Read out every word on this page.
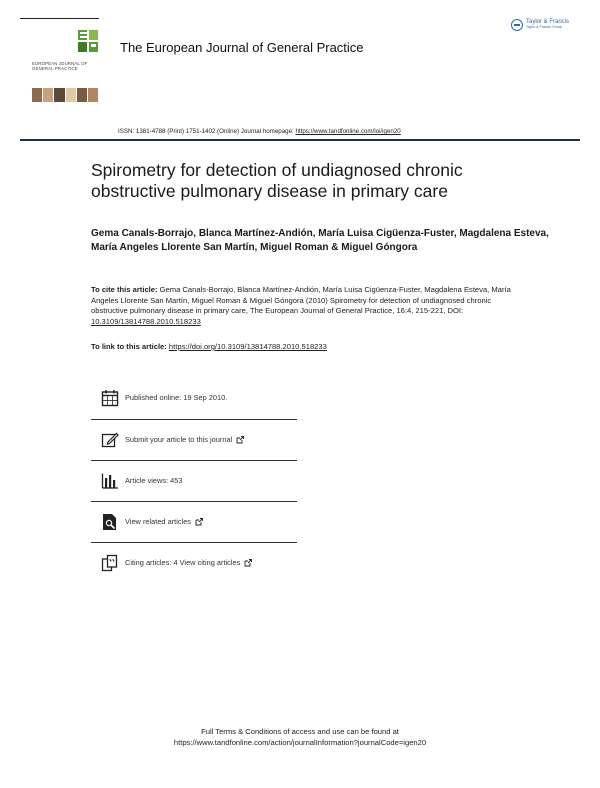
EUROPEAN JOURNAL OF GENERAL PRACTICE
The European Journal of General Practice
Taylor & Francis
Taylor & Francis Group
ISSN: 1381-4788 (Print) 1751-1402 (Online) Journal homepage: https://www.tandfonline.com/loi/igen20
Spirometry for detection of undiagnosed chronic obstructive pulmonary disease in primary care
Gema Canals-Borrajo, Blanca Martínez-Andión, María Luisa Cigüenza-Fuster, Magdalena Esteva, María Angeles Llorente San Martín, Miguel Roman & Miguel Góngora
To cite this article: Gema Canals-Borrajo, Blanca Martínez-Andión, María Luisa Cigüenza-Fuster, Magdalena Esteva, María Angeles Llorente San Martín, Miguel Roman & Miguel Góngora (2010) Spirometry for detection of undiagnosed chronic obstructive pulmonary disease in primary care, The European Journal of General Practice, 16:4, 215-221, DOI: 10.3109/13814788.2010.518233
To link to this article: https://doi.org/10.3109/13814788.2010.518233
Published online: 19 Sep 2010.
Submit your article to this journal
Article views: 453
View related articles
Citing articles: 4 View citing articles
Full Terms & Conditions of access and use can be found at
https://www.tandfonline.com/action/journalInformation?journalCode=igen20
